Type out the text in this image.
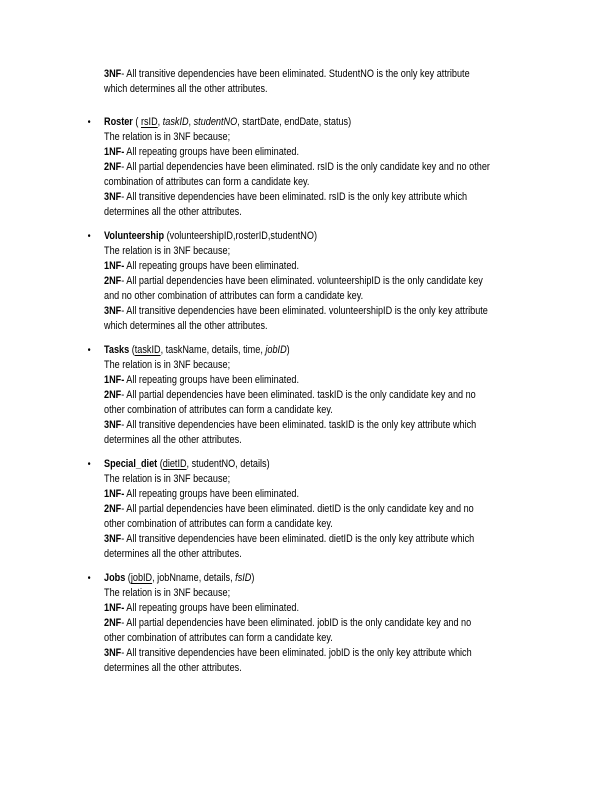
3NF- All transitive dependencies have been eliminated. StudentNO is the only key attribute
which determines all the other attributes.
• Roster ( rsID, taskID, studentNO, startDate, endDate, status)
The relation is in 3NF because;
1NF- All repeating groups have been eliminated.
2NF- All partial dependencies have been eliminated. rsID is the only candidate key and no other
combination of attributes can form a candidate key.
3NF- All transitive dependencies have been eliminated. rsID is the only key attribute which
determines all the other attributes.
• Volunteership (volunteershipID,rosterID,studentNO)
The relation is in 3NF because;
1NF- All repeating groups have been eliminated.
2NF- All partial dependencies have been eliminated. volunteershipID is the only candidate key
and no other combination of attributes can form a candidate key.
3NF- All transitive dependencies have been eliminated. volunteershipID is the only key attribute
which determines all the other attributes.
• Tasks (taskID, taskName, details, time, jobID)
The relation is in 3NF because;
1NF- All repeating groups have been eliminated.
2NF- All partial dependencies have been eliminated. taskID is the only candidate key and no
other combination of attributes can form a candidate key.
3NF- All transitive dependencies have been eliminated. taskID is the only key attribute which
determines all the other attributes.
• Special_diet (dietID, studentNO, details)
The relation is in 3NF because;
1NF- All repeating groups have been eliminated.
2NF- All partial dependencies have been eliminated. dietID is the only candidate key and no
other combination of attributes can form a candidate key.
3NF- All transitive dependencies have been eliminated. dietID is the only key attribute which
determines all the other attributes.
• Jobs (jobID, jobNname, details, fsID)
The relation is in 3NF because;
1NF- All repeating groups have been eliminated.
2NF- All partial dependencies have been eliminated. jobID is the only candidate key and no
other combination of attributes can form a candidate key.
3NF- All transitive dependencies have been eliminated. jobID is the only key attribute which
determines all the other attributes.
